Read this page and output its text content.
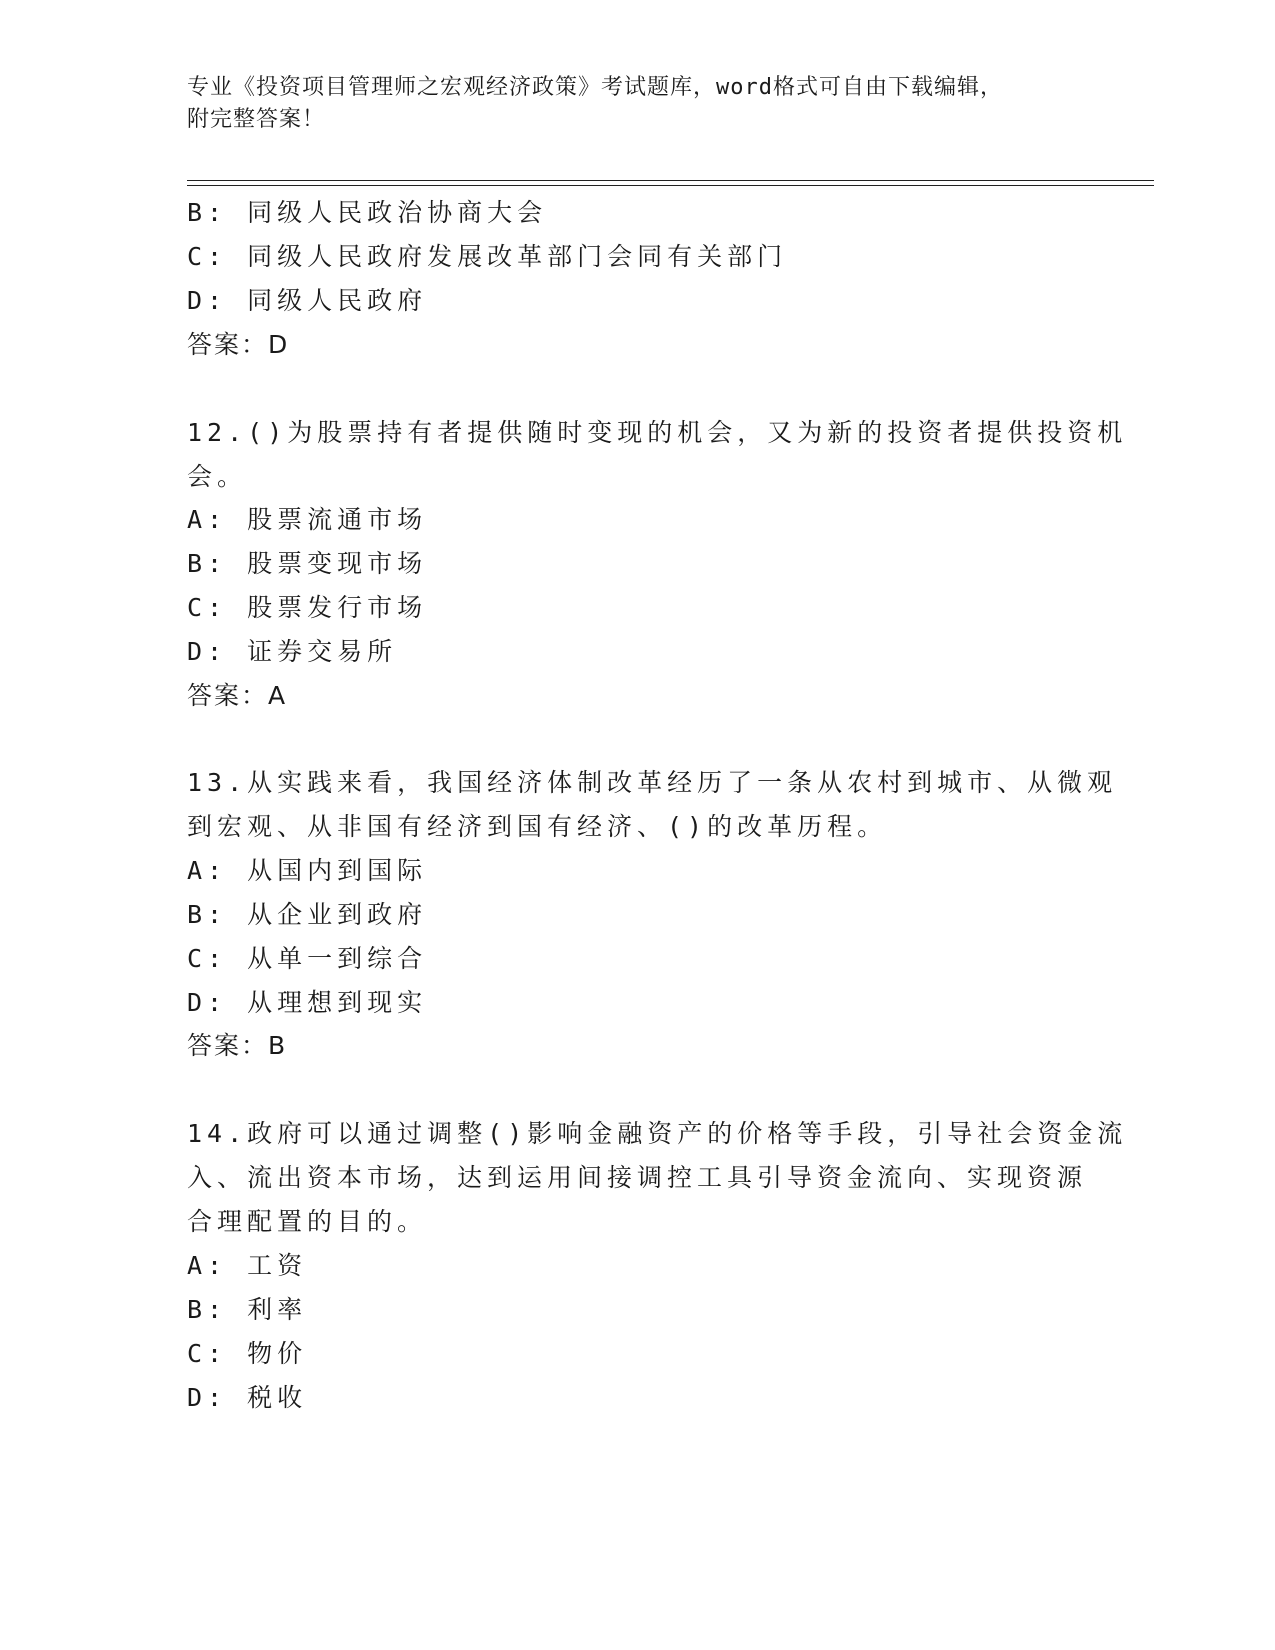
专业《投资项目管理师之宏观经济政策》考试题库，word格式可自由下载编辑，
附完整答案！
B: 同级人民政治协商大会
C: 同级人民政府发展改革部门会同有关部门
D: 同级人民政府
答案：D
12.()为股票持有者提供随时变现的机会，又为新的投资者提供投资机
会。
A: 股票流通市场
B: 股票变现市场
C: 股票发行市场
D: 证券交易所
答案：A
13.从实践来看，我国经济体制改革经历了一条从农村到城市、从微观
到宏观、从非国有经济到国有经济、()的改革历程。
A: 从国内到国际
B: 从企业到政府
C: 从单一到综合
D: 从理想到现实
答案：B
14.政府可以通过调整()影响金融资产的价格等手段，引导社会资金流
入、流出资本市场，达到运用间接调控工具引导资金流向、实现资源
合理配置的目的。
A: 工资
B: 利率
C: 物价
D: 税收
